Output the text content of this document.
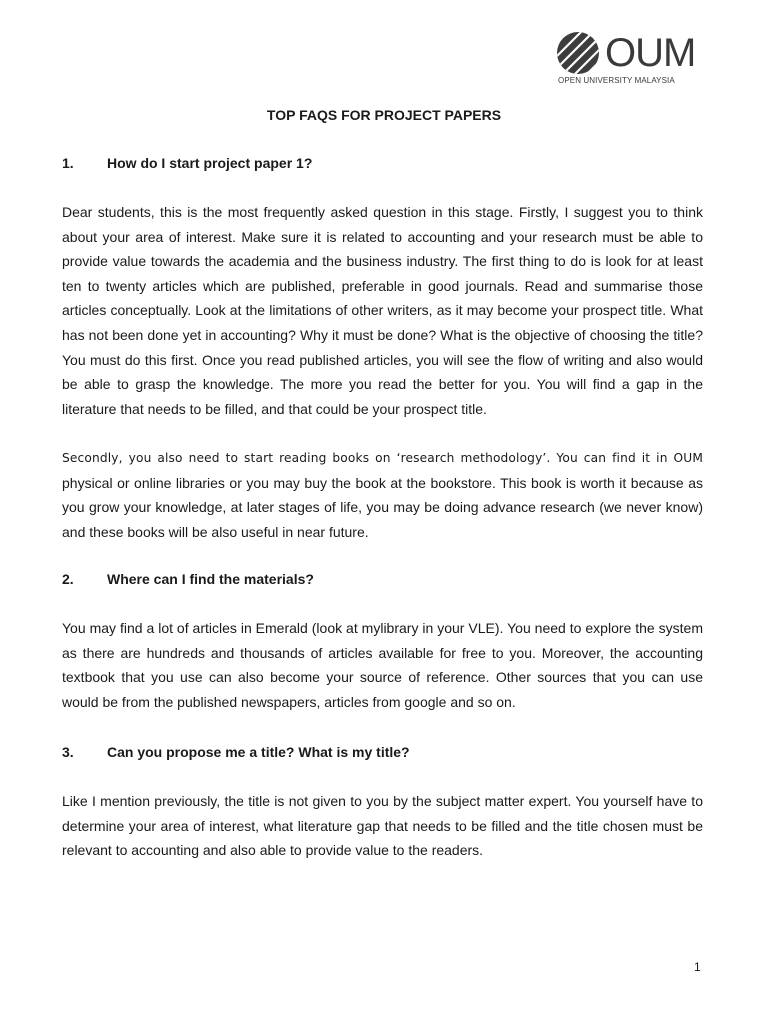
OUM
OPEN UNIVERSITY MALAYSIA
TOP FAQS FOR PROJECT PAPERS
1. How do I start project paper 1?

Dear students, this is the most frequently asked question in this stage. Firstly, I suggest you to think about your area of interest. Make sure it is related to accounting and your research must be able to provide value towards the academia and the business industry. The first thing to do is look for at least ten to twenty articles which are published, preferable in good journals. Read and summarise those articles conceptually. Look at the limitations of other writers, as it may become your prospect title. What has not been done yet in accounting? Why it must be done? What is the objective of choosing the title? You must do this first. Once you read published articles, you will see the flow of writing and also would be able to grasp the knowledge. The more you read the better for you. You will find a gap in the literature that needs to be filled, and that could be your prospect title.

Secondly, you also need to start reading books on ‘research methodology’. You can find it in OUM physical or online libraries or you may buy the book at the bookstore. This book is worth it because as you grow your knowledge, at later stages of life, you may be doing advance research (we never know) and these books will be also useful in near future.

2. Where can I find the materials?

You may find a lot of articles in Emerald (look at mylibrary in your VLE). You need to explore the system as there are hundreds and thousands of articles available for free to you. Moreover, the accounting textbook that you use can also become your source of reference. Other sources that you can use would be from the published newspapers, articles from google and so on.

3. Can you propose me a title? What is my title?

Like I mention previously, the title is not given to you by the subject matter expert. You yourself have to determine your area of interest, what literature gap that needs to be filled and the title chosen must be relevant to accounting and also able to provide value to the readers.

1
